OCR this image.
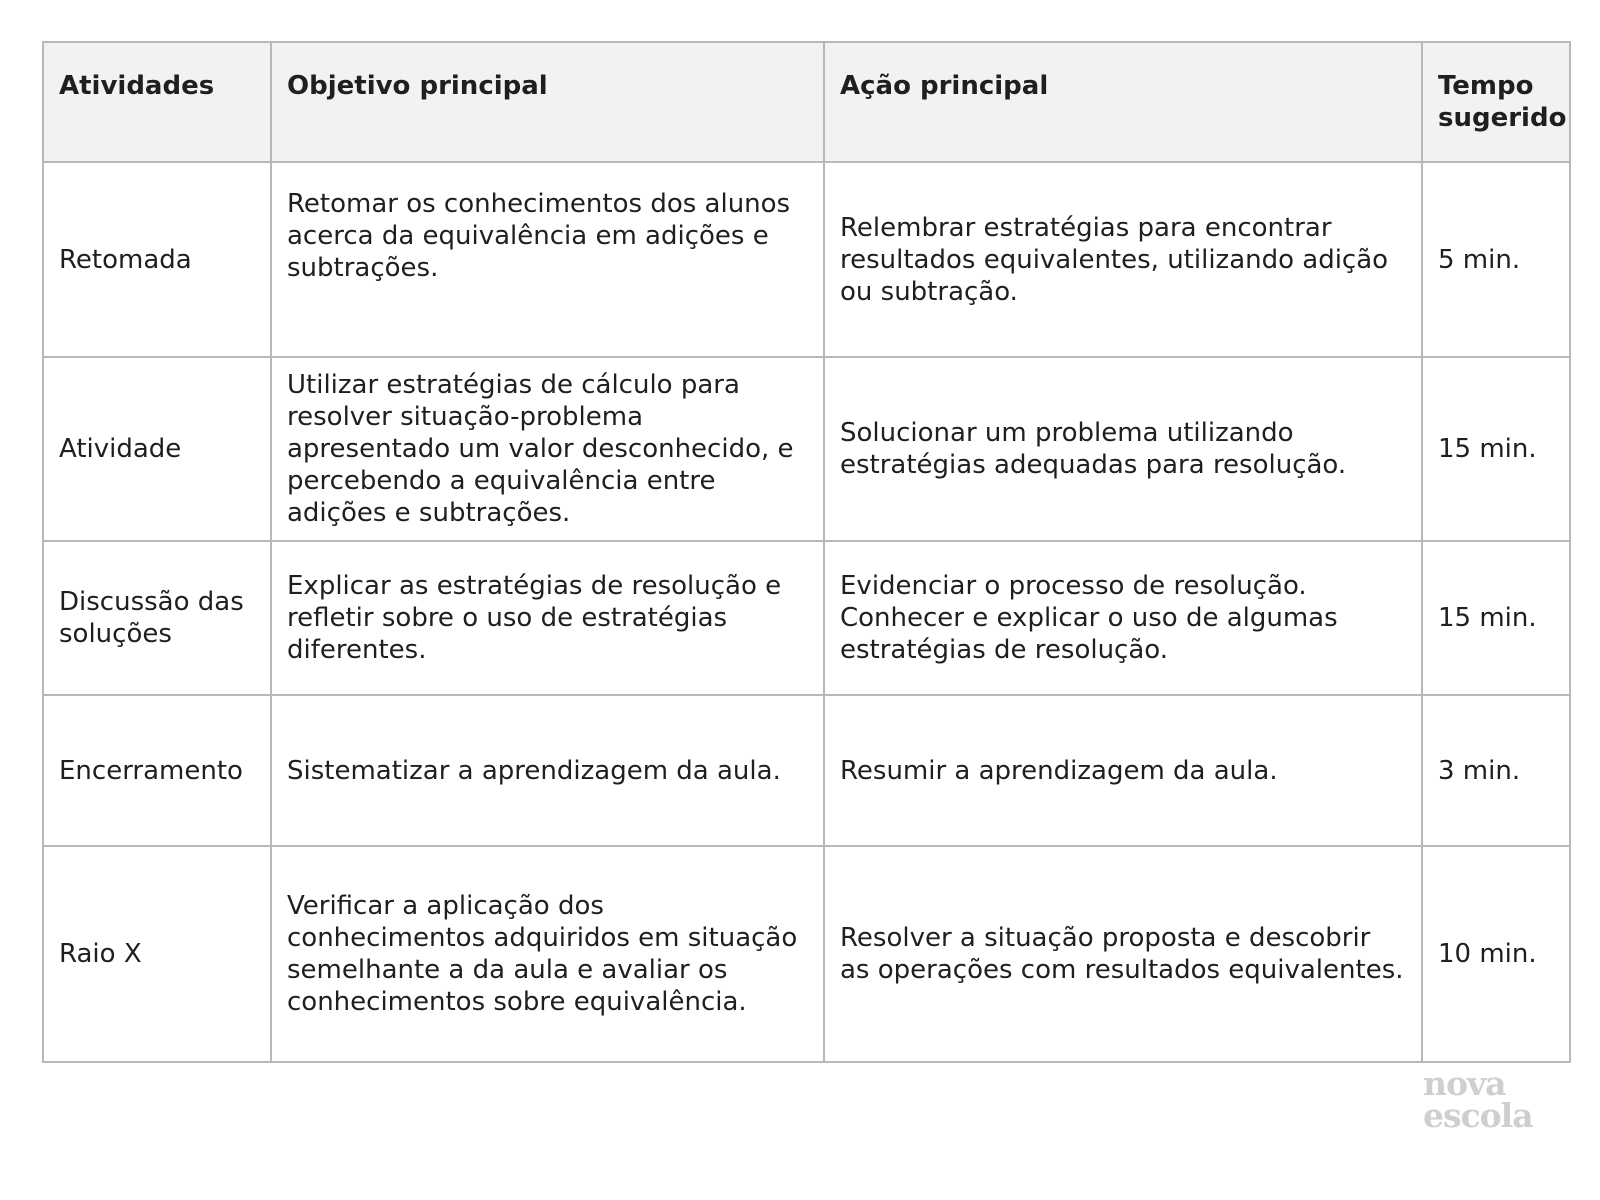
Atividades	Objetivo principal	Ação principal	Tempo sugerido
Retomada	Retomar os conhecimentos dos alunos acerca da equivalência em adições e subtrações.	Relembrar estratégias para encontrar resultados equivalentes, utilizando adição ou subtração.	5 min.
Atividade	Utilizar estratégias de cálculo para resolver situação-problema apresentado um valor desconhecido, e percebendo a equivalência entre adições e subtrações.	Solucionar um problema utilizando estratégias adequadas para resolução.	15 min.
Discussão das soluções	Explicar as estratégias de resolução e refletir sobre o uso de estratégias diferentes.	Evidenciar o processo de resolução. Conhecer e explicar o uso de algumas estratégias de resolução.	15 min.
Encerramento	Sistematizar a aprendizagem da aula.	Resumir a aprendizagem da aula.	3 min.
Raio X	Verificar a aplicação dos conhecimentos adquiridos em situação semelhante a da aula e avaliar os conhecimentos sobre equivalência.	Resolver a situação proposta e descobrir as operações com resultados equivalentes.	10 min.
nova
escola
